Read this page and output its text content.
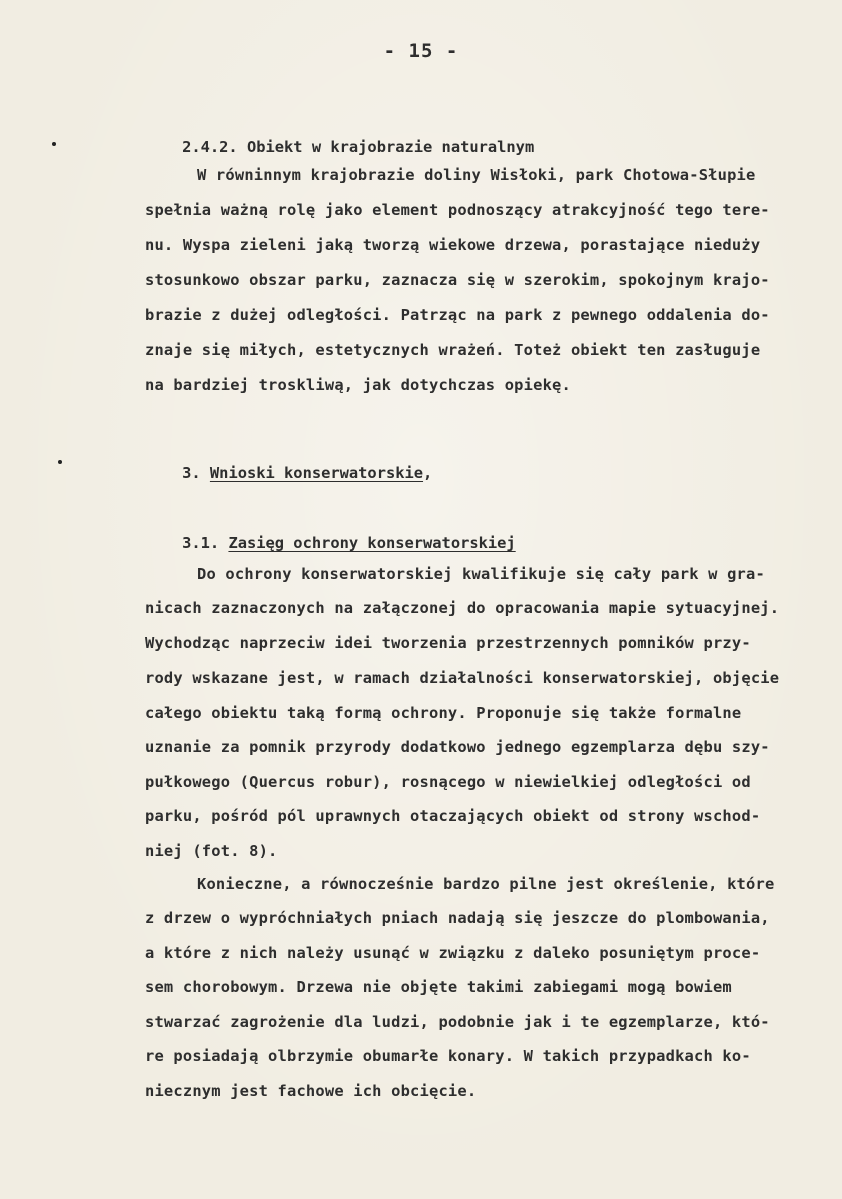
- 15 -

2.4.2. Obiekt w krajobrazie naturalnym

W równinnym krajobrazie doliny Wisłoki, park Chotowa-Słupie
spełnia ważną rolę jako element podnoszący atrakcyjność tego tere-
nu. Wyspa zieleni jaką tworzą wiekowe drzewa, porastające nieduży
stosunkowo obszar parku, zaznacza się w szerokim, spokojnym krajo-
brazie z dużej odległości. Patrząc na park z pewnego oddalenia do-
znaje się miłych, estetycznych wrażeń. Toteż obiekt ten zasługuje
na bardziej troskliwą, jak dotychczas opiekę.

3. Wnioski konserwatorskie,

3.1. Zasięg ochrony konserwatorskiej

Do ochrony konserwatorskiej kwalifikuje się cały park w gra-
nicach zaznaczonych na załączonej do opracowania mapie sytuacyjnej.
Wychodząc naprzeciw idei tworzenia przestrzennych pomników przy-
rody wskazane jest, w ramach działalności konserwatorskiej, objęcie
całego obiektu taką formą ochrony. Proponuje się także formalne
uznanie za pomnik przyrody dodatkowo jednego egzemplarza dębu szy-
pułkowego (Quercus robur), rosnącego w niewielkiej odległości od
parku, pośród pól uprawnych otaczających obiekt od strony wschod-
niej (fot. 8).
Konieczne, a równocześnie bardzo pilne jest określenie, które
z drzew o wypróchniałych pniach nadają się jeszcze do plombowania,
a które z nich należy usunąć w związku z daleko posuniętym proce-
sem chorobowym. Drzewa nie objęte takimi zabiegami mogą bowiem
stwarzać zagrożenie dla ludzi, podobnie jak i te egzemplarze, któ-
re posiadają olbrzymie obumarłe konary. W takich przypadkach ko-
niecznym jest fachowe ich obcięcie.
